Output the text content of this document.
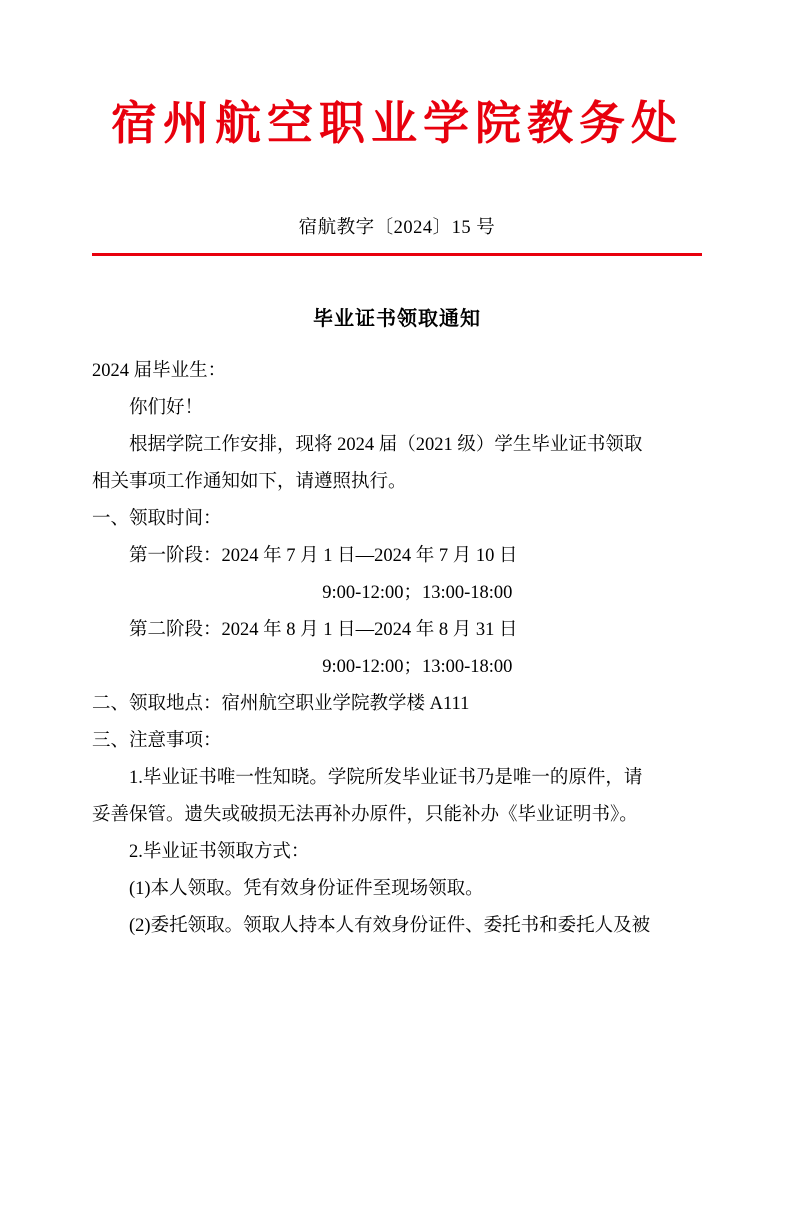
宿州航空职业学院教务处
宿航教字〔2024〕15 号
毕业证书领取通知

2024 届毕业生：

你们好！

根据学院工作安排，现将 2024 届（2021 级）学生毕业证书领取

相关事项工作通知如下，请遵照执行。

一、领取时间：

第一阶段：2024 年 7 月 1 日—2024 年 7 月 10 日

9:00-12:00；13:00-18:00

第二阶段：2024 年 8 月 1 日—2024 年 8 月 31 日

9:00-12:00；13:00-18:00

二、领取地点：宿州航空职业学院教学楼 A111

三、注意事项：

1.毕业证书唯一性知晓。学院所发毕业证书乃是唯一的原件，请

妥善保管。遗失或破损无法再补办原件，只能补办《毕业证明书》。

2.毕业证书领取方式：

(1)本人领取。凭有效身份证件至现场领取。

(2)委托领取。领取人持本人有效身份证件、委托书和委托人及被
